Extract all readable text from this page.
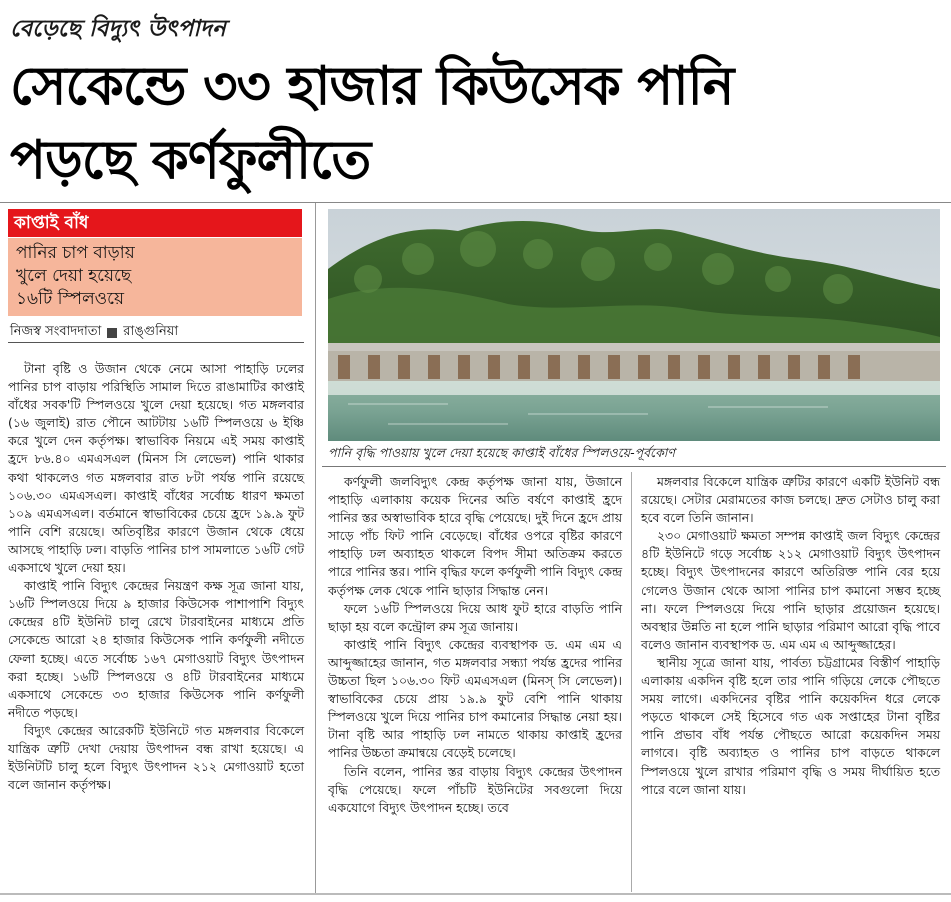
বেড়েছে বিদ্যুৎ উৎপাদন
সেকেন্ডে ৩৩ হাজার কিউসেক পানি
পড়ছে কর্ণফুলীতে
কাপ্তাই বাঁধ
পানির চাপ বাড়ায়
খুলে দেয়া হয়েছে
১৬টি স্পিলওয়ে
নিজস্ব সংবাদদাতা রাঙ্গুনিয়া
পানি বৃদ্ধি পাওয়ায় খুলে দেয়া হয়েছে কাপ্তাই বাঁধের স্পিলওয়ে-পূর্বকোণ

টানা বৃষ্টি ও উজান থেকে নেমে আসা পাহাড়ি ঢলের পানির চাপ বাড়ায় পরিস্থিতি সামাল দিতে রাঙামাটির কাপ্তাই বাঁধের সবক'টি স্পিলওয়ে খুলে দেয়া হয়েছে। গত মঙ্গলবার (১৬ জুলাই) রাত পৌনে আটটায় ১৬টি স্পিলওয়ে ৬ ইঞ্চি করে খুলে দেন কর্তৃপক্ষ। স্বাভাবিক নিয়মে এই সময় কাপ্তাই হ্রদে ৮৬.৪০ এমএসএল (মিনস সি লেভেল) পানি থাকার কথা থাকলেও গত মঙ্গলবার রাত ৮টা পর্যন্ত পানি রয়েছে ১০৬.৩০ এমএসএল। কাপ্তাই বাঁধের সর্বোচ্চ ধারণ ক্ষমতা ১০৯ এমএসএল। বর্তমানে স্বাভাবিকের চেয়ে হ্রদে ১৯.৯ ফুট পানি বেশি রয়েছে। অতিবৃষ্টির কারণে উজান থেকে ধেয়ে আসছে পাহাড়ি ঢল। বাড়তি পানির চাপ সামলাতে ১৬টি গেট একসাথে খুলে দেয়া হয়।

কাপ্তাই পানি বিদ্যুৎ কেন্দ্রের নিয়ন্ত্রণ কক্ষ সূত্র জানা যায়, ১৬টি স্পিলওয়ে দিয়ে ৯ হাজার কিউসেক পাশাপাশি বিদ্যুৎ কেন্দ্রের ৪টি ইউনিট চালু রেখে টারবাইনের মাধ্যমে প্রতি সেকেন্ডে আরো ২৪ হাজার কিউসেক পানি কর্ণফুলী নদীতে ফেলা হচ্ছে। এতে সর্বোচ্চ ১৬৭ মেগাওয়াট বিদ্যুৎ উৎপাদন করা হচ্ছে। ১৬টি স্পিলওয়ে ও ৪টি টারবাইনের মাধ্যমে একসাথে সেকেন্ডে ৩৩ হাজার কিউসেক পানি কর্ণফুলী নদীতে পড়ছে।

বিদ্যুৎ কেন্দ্রের আরেকটি ইউনিটে গত মঙ্গলবার বিকেলে যান্ত্রিক ত্রুটি দেখা দেয়ায় উৎপাদন বন্ধ রাখা হয়েছে। এ ইউনিটটি চালু হলে বিদ্যুৎ উৎপাদন ২১২ মেগাওয়াট হতো বলে জানান কর্তৃপক্ষ।

কর্ণফুলী জলবিদ্যুৎ কেন্দ্র কর্তৃপক্ষ জানা যায়, উজানে পাহাড়ি এলাকায় কয়েক দিনের অতি বর্ষণে কাপ্তাই হ্রদে পানির স্তর অস্বাভাবিক হারে বৃদ্ধি পেয়েছে। দুই দিনে হ্রদে প্রায় সাড়ে পাঁচ ফিট পানি বেড়েছে। বাঁধের ওপরে বৃষ্টির কারণে পাহাড়ি ঢল অব্যাহত থাকলে বিপদ সীমা অতিক্রম করতে পারে পানির স্তর। পানি বৃদ্ধির ফলে কর্ণফুলী পানি বিদ্যুৎ কেন্দ্র কর্তৃপক্ষ লেক থেকে পানি ছাড়ার সিদ্ধান্ত নেন।

ফলে ১৬টি স্পিলওয়ে দিয়ে আধ ফুট হারে বাড়তি পানি ছাড়া হয় বলে কন্ট্রোল রুম সূত্র জানায়।

কাপ্তাই পানি বিদ্যুৎ কেন্দ্রের ব্যবস্থাপক ড. এম এম এ আব্দুজ্জাহের জানান, গত মঙ্গলবার সন্ধ্যা পর্যন্ত হ্রদের পানির উচ্চতা ছিল ১০৬.৩০ ফিট এমএসএল (মিনস্ সি লেভেল)। স্বাভাবিকের চেয়ে প্রায় ১৯.৯ ফুট বেশি পানি থাকায় স্পিলওয়ে খুলে দিয়ে পানির চাপ কমানোর সিদ্ধান্ত নেয়া হয়। টানা বৃষ্টি আর পাহাড়ি ঢল নামতে থাকায় কাপ্তাই হ্রদের পানির উচ্চতা ক্রমান্বয়ে বেড়েই চলেছে।

তিনি বলেন, পানির স্তর বাড়ায় বিদ্যুৎ কেন্দ্রের উৎপাদন বৃদ্ধি পেয়েছে। ফলে পাঁচটি ইউনিটের সবগুলো দিয়ে একযোগে বিদ্যুৎ উৎপাদন হচ্ছে। তবে

মঙ্গলবার বিকেলে যান্ত্রিক ত্রুটির কারণে একটি ইউনিট বন্ধ রয়েছে। সেটার মেরামতের কাজ চলছে। দ্রুত সেটাও চালু করা হবে বলে তিনি জানান।

২৩০ মেগাওয়াট ক্ষমতা সম্পন্ন কাপ্তাই জল বিদ্যুৎ কেন্দ্রের ৪টি ইউনিটে গড়ে সর্বোচ্চ ২১২ মেগাওয়াট বিদ্যুৎ উৎপাদন হচ্ছে। বিদ্যুৎ উৎপাদনের কারণে অতিরিক্ত পানি বের হয়ে গেলেও উজান থেকে আসা পানির চাপ কমানো সম্ভব হচ্ছে না। ফলে স্পিলওয়ে দিয়ে পানি ছাড়ার প্রয়োজন হয়েছে। অবস্থার উন্নতি না হলে পানি ছাড়ার পরিমাণ আরো বৃদ্ধি পাবে বলেও জানান ব্যবস্থাপক ড. এম এম এ আব্দুজ্জাহের।

স্থানীয় সূত্রে জানা যায়, পার্বত্য চট্টগ্রামের বিস্তীর্ণ পাহাড়ি এলাকায় একদিন বৃষ্টি হলে তার পানি গড়িয়ে লেকে পৌছতে সময় লাগে। একদিনের বৃষ্টির পানি কয়েকদিন ধরে লেকে পড়তে থাকলে সেই হিসেবে গত এক সপ্তাহের টানা বৃষ্টির পানি প্রভাব বাঁধ পর্যন্ত পৌছতে আরো কয়েকদিন সময় লাগবে। বৃষ্টি অব্যাহত ও পানির চাপ বাড়তে থাকলে স্পিলওয়ে খুলে রাখার পরিমাণ বৃদ্ধি ও সময় দীর্ঘায়িত হতে পারে বলে জানা যায়।
